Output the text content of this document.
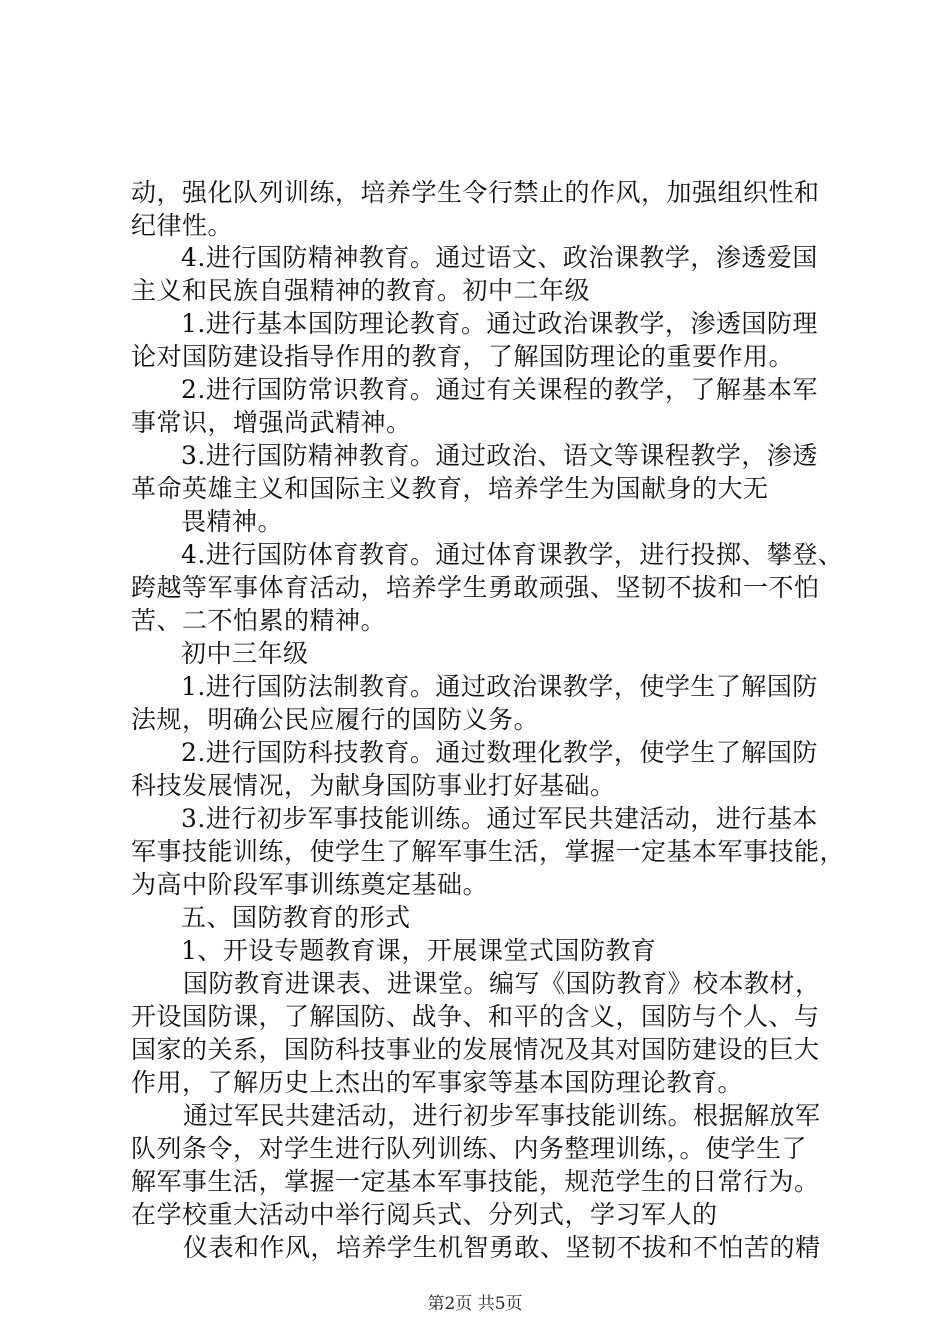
动，强化队列训练，培养学生令行禁止的作风，加强组织性和
纪律性。
4.进行国防精神教育。通过语文、政治课教学，渗透爱国
主义和民族自强精神的教育。初中二年级
1.进行基本国防理论教育。通过政治课教学，渗透国防理
论对国防建设指导作用的教育，了解国防理论的重要作用。
2.进行国防常识教育。通过有关课程的教学，了解基本军
事常识，增强尚武精神。
3.进行国防精神教育。通过政治、语文等课程教学，渗透
革命英雄主义和国际主义教育，培养学生为国献身的大无
畏精神。
4.进行国防体育教育。通过体育课教学，进行投掷、攀登、
跨越等军事体育活动，培养学生勇敢顽强、坚韧不拔和一不怕
苦、二不怕累的精神。
初中三年级
1.进行国防法制教育。通过政治课教学，使学生了解国防
法规，明确公民应履行的国防义务。
2.进行国防科技教育。通过数理化教学，使学生了解国防
科技发展情况，为献身国防事业打好基础。
3.进行初步军事技能训练。通过军民共建活动，进行基本
军事技能训练，使学生了解军事生活，掌握一定基本军事技能，
为高中阶段军事训练奠定基础。
五、国防教育的形式
1、开设专题教育课，开展课堂式国防教育
国防教育进课表、进课堂。编写《国防教育》校本教材，
开设国防课，了解国防、战争、和平的含义，国防与个人、与
国家的关系，国防科技事业的发展情况及其对国防建设的巨大
作用，了解历史上杰出的军事家等基本国防理论教育。
通过军民共建活动，进行初步军事技能训练。根据解放军
队列条令，对学生进行队列训练、内务整理训练，。使学生了
解军事生活，掌握一定基本军事技能，规范学生的日常行为。
在学校重大活动中举行阅兵式、分列式，学习军人的
仪表和作风，培养学生机智勇敢、坚韧不拔和不怕苦的精
第2页 共5页
